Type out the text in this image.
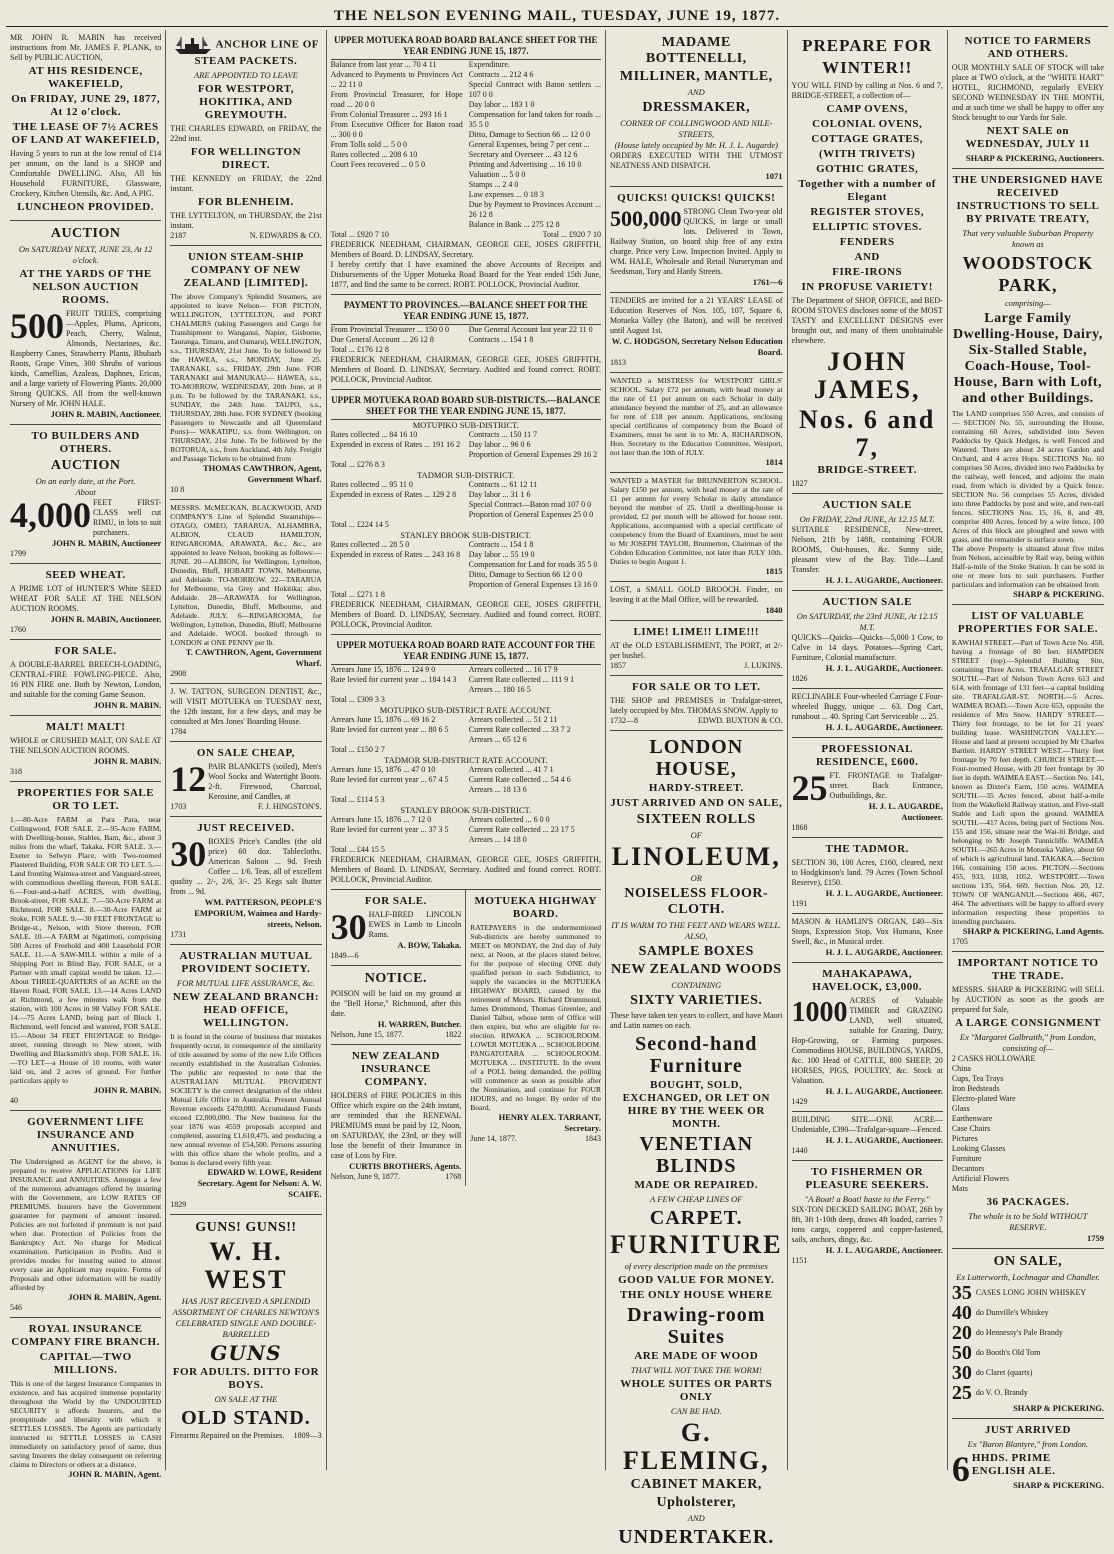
THE NELSON EVENING MAIL, TUESDAY, JUNE 19, 1877.
MR JOHN R. MABIN has received instructions from Mr. JAMES F. PLANK, to Sell by PUBLIC AUCTION,
AT HIS RESIDENCE, WAKEFIELD,
On FRIDAY, JUNE 29, 1877, At 12 o'clock.
THE LEASE OF 7½ ACRES OF LAND AT WAKEFIELD,
Having 5 years to run at the low rental of £14 per annum, on the land is a SHOP and Comfortable DWELLING. Also, All his Household FURNITURE, Glassware, Crockery, Kitchen Utensils, &c. And, A PIG.
LUNCHEON PROVIDED.
AUCTION
On SATURDAY NEXT, JUNE 23, At 12 o'clock.
AT THE YARDS OF THE NELSON AUCTION ROOMS.
500 FRUIT TREES, comprising—Apples, Plums, Apricots, Peach, Cherry, Walnut, Almonds, Nectarines, &c. Raspberry Canes, Strawberry Plants, Rhubarb Roots, Grape Vines, 300 Shrubs of various kinds, Camellias, Azaleas, Daphnes, Ericas, and a large variety of Flowering Plants. 20,000 Strong QUICKS. All from the well-known Nursery of Mr. JOHN HALE.
JOHN R. MABIN, Auctioneer.
TO BUILDERS AND OTHERS.
AUCTION
On an early date, at the Port.
About
4,000 FEET FIRST-CLASS well cut RIMU, in lots to suit purchasers.
JOHN R. MABIN, Auctioneer
1799
SEED WHEAT.
A PRIME LOT of HUNTER'S White SEED WHEAT FOR SALE AT THE NELSON AUCTION ROOMS.
JOHN R. MABIN, Auctioneer.
1760
FOR SALE.
A DOUBLE-BARREL BREECH-LOADING, CENTRAL-FIRE FOWLING-PIECE. Also, 16 PIN FIRE one. Both by Newton, London, and suitable for the coming Game Season.
JOHN R. MABIN.
MALT! MALT!
WHOLE or CRUSHED MALT, ON SALE AT THE NELSON AUCTION ROOMS.
JOHN R. MABIN.
318
PROPERTIES FOR SALE OR TO LET.
1.—80-Acre FARM at Para Para, near Collingwood, FOR SALE. 2.—95-Acre FARM, with Dwelling-house, Stables, Barn, &c., about 3 miles from the wharf, Takaka, FOR SALE. 3.—Exeter to Selwyn Place, with Two-roomed Plastered Building, FOR SALE OR TO LET. 5.—Land fronting Waimea-street and Vanguard-street, with commodious dwelling thereon, FOR SALE. 6.—Four-and-a-half ACRES, with dwelling, Brook-street, FOR SALE. 7.—50-Acre FARM at Richmond, FOR SALE. 8.—30-Acre FARM at Stoke, FOR SALE. 9.—30 FEET FRONTAGE to Bridge-st., Nelson, with Store thereon, FOR SALE. 10.—A FARM at Ngatimoti, comprising 500 Acres of Freehold and 400 Leasehold FOR SALE. 11.—A SAW-MILL within a mile of a Shipping Port in Blind Bay, FOR SALE, or a Partner with small capital would be taken. 12.—About THREE-QUARTERS of an ACRE on the Haven Road, FOR SALE. 13.—14 Acres LAND at Richmond, a few minutes walk from the station, with 100 Acres in 98 Valley FOR SALE. 14.—75 Acres LAND, being part of Block 1, Richmond, well fenced and watered, FOR SALE. 15.—About 34 FEET FRONTAGE to Bridge-street, running through to New street, with Dwelling and Blacksmith's shop, FOR SALE. 16.—TO LET—a House of 10 rooms, with water laid on, and 2 acres of ground. For further particulars apply to
JOHN R. MABIN.
40
GOVERNMENT LIFE INSURANCE AND ANNUITIES.
The Undersigned as AGENT for the above, is prepared to receive APPLICATIONS for LIFE INSURANCE and ANNUITIES. Amongst a few of the numerous advantages offered by insuring with the Government, are LOW RATES OF PREMIUMS. Insurers have the Government guarantee for payment of amount insured. Policies are not forfeited if premium is not paid when due. Protection of Policies from the Bankruptcy Act. No charge for Medical examination. Participation in Profits. And it provides modes for insuring suited to almost every case an Applicant may require. Forms of Proposals and other information will be readily afforded by
JOHN R. MABIN, Agent.
546
ROYAL INSURANCE COMPANY FIRE BRANCH.
CAPITAL—TWO MILLIONS.
This is one of the largest Insurance Companies in existence, and has acquired immense popularity throughout the World by the UNDOUBTED SECURITY it affords Insurers, and the promptitude and liberality with which it SETTLES LOSSES. The Agents are particularly instructed to SETTLE LOSSES in CASH immediately on satisfactory proof of same, thus saving Insurers the delay consequent on referring claims to Directors or others at a distance.
JOHN R. MABIN, Agent.
ANCHOR LINE OF STEAM PACKETS.
ARE APPOINTED TO LEAVE
FOR WESTPORT, HOKITIKA, AND GREYMOUTH.
THE CHARLES EDWARD, on FRIDAY, the 22nd inst.
FOR WELLINGTON DIRECT.
THE KENNEDY on FRIDAY, the 22nd instant.
FOR BLENHEIM.
THE LYTTELTON, on THURSDAY, the 21st instant.
2187	N. EDWARDS & CO.
UNION STEAM-SHIP COMPANY OF NEW ZEALAND [LIMITED].
The above Company's Splendid Steamers, are appointed to leave Nelson— FOR PICTON, WELLINGTON, LYTTELTON, and PORT CHALMERS (taking Passengers and Cargo for Transhipment to Wanganui, Napier, Gisborne, Tauranga, Timaru, and Oamaru), WELLINGTON, s.s., THURSDAY, 21st June. To be followed by the HAWEA, s.s., MONDAY, June 25. TARANAKI, s.s., FRIDAY, 29th June. FOR TARANAKI and MANUKAU— HAWEA, s.s., TO-MORROW, WEDNESDAY, 20th June, at 8 p.m. To be followed by the TARANAKI, s.s., SUNDAY, the 24th June. TAUPO, s.s., THURSDAY, 28th June. FOR SYDNEY (booking Passengers to Newcastle and all Queensland Ports)— WAKATIPU, s.s. from Wellington, on THURSDAY, 21st June. To be followed by the ROTORUA, s.s., from Auckland, 4th July. Freight and Passage Tickets to be obtained from
THOMAS CAWTHRON, Agent, Government Wharf.
10 8
MESSRS. McMECKAN, BLACKWOOD, AND COMPANY'S Line of Splendid Steamships—OTAGO, OMEO, TARARUA, ALHAMBRA, ALBION, CLAUD HAMILTON, RINGAROOMA, ARAWATA, &c., &c., are appointed to leave Nelson, booking as follows:— JUNE. 20—ALBION, for Wellington, Lyttelton, Dunedin, Bluff, HOBART TOWN, Melbourne, and Adelaide. TO-MORROW. 22—TARARUA for Melbourne, via Grey and Hokitika; also, Adelaide. 28—ARAWATA for Wellington, Lyttelton, Dunedin, Bluff, Melbourne, and Adelaide. JULY. 6—RINGAROOMA, for Wellington, Lyttelton, Dunedin, Bluff, Melbourne and Adelaide. WOOL booked through to LONDON at ONE PENNY per lb.
T. CAWTHRON, Agent, Government Wharf.
2908
J. W. TATTON, SURGEON DENTIST, &c., will VISIT MOTUEKA on TUESDAY next, the 12th instant, for a few days, and may be consulted at Mrs Jones' Boarding House.
1784
ON SALE CHEAP,
12 PAIR BLANKETS (soiled), Men's Wool Socks and Watertight Boots. 2-ft. Firewood, Charcoal, Kerosine, and Candles, at
1703	F. J. HINGSTON'S.
JUST RECEIVED.
30 BOXES Price's Candles (the old price) 60 doz. Tablecloths. American Saloon ... 9d. Fresh Coffee ... 1/6. Teas, all of excellent quality ... 2/-, 2/6, 3/-. 25 Kegs salt Butter from ... 9d.
WM. PATTERSON, PEOPLE'S EMPORIUM, Waimea and Hardy-streets, Nelson.
1731
AUSTRALIAN MUTUAL PROVIDENT SOCIETY.
FOR MUTUAL LIFE ASSURANCE, &c.
NEW ZEALAND BRANCH: HEAD OFFICE, WELLINGTON.
It is found in the course of business that mistakes frequently occur, in consequence of the similarity of title assumed by some of the new Life Offices recently established in the Australian Colonies. The public are requested to note that the AUSTRALIAN MUTUAL PROVIDENT SOCIETY is the correct designation of the oldest Mutual Life Office in Australia. Present Annual Revenue exceeds £470,000. Accumulated Funds exceed £2,000,000. The New business for the year 1876 was 4559 proposals accepted and completed, assuring £1,610,475, and producing a new annual revenue of £54,500. Persons assuring with this office share the whole profits, and a bonus is declared every fifth year.
EDWARD W. LOWE, Resident Secretary. Agent for Nelson: A. W. SCAIFE.
1829
GUNS! GUNS!!
W. H. WEST
HAS JUST RECEIVED A SPLENDID ASSORTMENT OF CHARLES NEWTON'S CELEBRATED SINGLE AND DOUBLE-BARRELLED
GUNS
FOR ADULTS. DITTO FOR BOYS.
ON SALE AT THE
OLD STAND.
Firearms Repaired on the Premises. 1809—3
UPPER MOTUEKA ROAD BOARD BALANCE SHEET FOR THE YEAR ENDING JUNE 15, 1877.
Balance from last year ... 70 4 11
Advanced to Payments to Provinces Act ... 22 11 0
From Provincial Treasurer, for Hope road ... 20 0 0
From Colonial Treasurer ... 293 16 1
From Executive Officer for Baton road ... 300 0 0
From Tolls sold ... 5 0 0
Rates collected ... 208 6 10
Court Fees recovered ... 0 5 0
Expenditure.
Contracts ... 212 4 6
Special Contract with Baton settlers ... 107 0 0
Day labor ... 183 1 0
Compensation for land taken for roads ... 35 5 0
Ditto, Damage to Section 66 ... 12 0 0
General Expenses, being 7 per cent ...
Secretary and Overseer ... 43 12 6
Printing and Advertising ... 16 10 0
Valuation ... 5 0 0
Stamps ... 2 4 0
Law expenses ... 0 18 3
Due by Payment to Provinces Account ... 26 12 8
Balance in Bank ... 275 12 8
Total ... £920 7 10	Total ... £920 7 10
FREDERICK NEEDHAM, CHAIRMAN, GEORGE GEE, JOSES GRIFFITH, Members of Board. D. LINDSAY, Secretary.
I hereby certify that I have examined the above Accounts of Receipts and Disbursements of the Upper Motueka Road Board for the Year ended 15th June, 1877, and find the same to be correct. ROBT. POLLOCK, Provincial Auditor.
PAYMENT TO PROVINCES.—BALANCE SHEET FOR THE YEAR ENDING JUNE 15, 1877.
From Provincial Treasurer ... 150 0 0
Due General Account ... 26 12 8
Due General Account last year 22 11 0
Contracts ... 154 1 8
Total ... £176 12 8
FREDERICK NEEDHAM, CHAIRMAN, GEORGE GEE, JOSES GRIFFITH, Members of Board. D. LINDSAY, Secretary. Audited and found correct. ROBT. POLLOCK, Provincial Auditor.
UPPER MOTUEKA ROAD BOARD SUB-DISTRICTS.—BALANCE SHEET FOR THE YEAR ENDING JUNE 15, 1877.
MOTUPIKO SUB-DISTRICT.
Rates collected ... 84 16 10
Expended in excess of Rates ... 191 16 2
Contracts ... 150 11 7
Day labor ... 96 0 6
Proportion of General Expenses 29 16 2
Total ... £276 8 3
TADMOR SUB-DISTRICT.
Rates collected ... 95 11 0
Expended in excess of Rates ... 129 2 8
Contracts ... 61 12 11
Day labor ... 31 1 6
Special Contract—Baton road 107 0 0
Proportion of General Expenses 25 0 0
Total ... £224 14 5
STANLEY BROOK SUB-DISTRICT.
Rates collected ... 28 5 0
Expended in excess of Rates ... 243 16 8
Contracts ... 154 1 8
Day labor ... 55 19 0
Compensation for Land for roads 35 5 0
Ditto, Damage to Section 66 12 0 0
Proportion of General Expenses 13 16 0
Total ... £271 1 8
FREDERICK NEEDHAM, CHAIRMAN, GEORGE GEE, JOSES GRIFFITH, Members of Board. D. LINDSAY, Secretary. Audited and found correct. ROBT. POLLOCK, Provincial Auditor.
UPPER MOTUEKA ROAD BOARD RATE ACCOUNT FOR THE YEAR ENDING JUNE 15, 1877.
Arrears June 15, 1876 ... 124 9 0
Rate levied for current year ... 184 14 3
Arrears collected ... 16 17 9
Current Rate collected ... 111 9 1
Arrears ... 180 16 5
Total ... £309 3 3
MOTUPIKO SUB-DISTRICT RATE ACCOUNT.
Arrears June 15, 1876 ... 69 16 2
Rate levied for current year ... 80 6 5
Arrears collected ... 51 2 11
Current Rate collected ... 33 7 2
Arrears ... 65 12 6
Total ... £150 2 7
TADMOR SUB-DISTRICT RATE ACCOUNT.
Arrears June 15, 1876 ... 47 0 10
Rate levied for current year ... 67 4 5
Arrears collected ... 41 7 1
Current Rate collected ... 54 4 6
Arrears ... 18 13 6
Total ... £114 5 3
STANLEY BROOK SUB-DISTRICT.
Arrears June 15, 1876 ... 7 12 0
Rate levied for current year ... 37 3 5
Arrears collected ... 6 0 0
Current Rate collected ... 23 17 5
Arrears ... 14 18 0
Total ... £44 15 5
FREDERICK NEEDHAM, CHAIRMAN, GEORGE GEE, JOSES GRIFFITH, Members of Board. D. LINDSAY, Secretary. Audited and found correct. ROBT. POLLOCK, Provincial Auditor.
FOR SALE.
30 HALF-BRED LINCOLN EWES in Lamb to Lincoln Rams.
A. BOW, Takaka.
1849—6
NOTICE.
POISON will be laid on my ground at the "Bell Horse," Richmond, after this date.
H. WARREN, Butcher.
Nelson, June 15, 1877.	1822
NEW ZEALAND INSURANCE COMPANY.
HOLDERS of FIRE POLICIES in this Office which expire on the 24th instant, are reminded that the RENEWAL PREMIUMS must be paid by 12, Noon, on SATURDAY, the 23rd, or they will lose the benefit of their Insurance in case of Loss by Fire.
CURTIS BROTHERS, Agents.
Nelson, June 9, 1877.	1768
MOTUEKA HIGHWAY BOARD.
RATEPAYERS in the undermentioned Sub-districts are hereby summoned to MEET on MONDAY, the 2nd day of July next, at Noon, at the places stated below, for the purpose of electing ONE duly qualified person in each Subdistrict, to supply the vacancies in the MOTUEKA HIGHWAY BOARD, caused by the retirement of Messrs. Richard Drummond, James Drummond, Thomas Greenlee, and Daniel Talbot, whose term of Office will then expire, but who are eligible for re-election. RIWAKA ... SCHOOLROOM. LOWER MOTUEKA ... SCHOOLROOM. PANGATOTARA ... SCHOOLROOM. MOTUEKA ... INSTITUTE. In the event of a POLL being demanded, the polling will commence as soon as possible after the Nomination, and continue for FOUR HOURS, and no longer. By order of the Board,
HENRY ALEX. TARRANT, Secretary.
June 14, 1877.	1843
MADAME BOTTENELLI,
MILLINER, MANTLE,
AND
DRESSMAKER,
CORNER OF COLLINGWOOD AND NILE-STREETS,
(House lately occupied by Mr. H. J. L. Augarde)
ORDERS EXECUTED WITH THE UTMOST NEATNESS AND DISPATCH.
1071
QUICKS! QUICKS! QUICKS!
500,000 STRONG Clean Two-year old QUICKS, in large or small lots. Delivered in Town, Railway Station, on board ship free of any extra charge. Price very Low. Inspection Invited. Apply to WM. HALE, Wholesale and Retail Nurseryman and Seedsman, Tory and Hardy Streets.
1761—6
TENDERS are invited for a 21 YEARS' LEASE of Education Reserves of Nos. 105, 107, Square 6, Motueka Valley (the Baton), and will be received until August 1st.
W. C. HODGSON, Secretary Nelson Education Board.
1813
WANTED a MISTRESS for WESTPORT GIRLS' SCHOOL. Salary £72 per annum, with head money at the rate of £1 per annum on each Scholar in daily attendance beyond the number of 25, and an allowance for rent of £18 per annum. Applications, enclosing special certificates of competency from the Board of Examiners, must be sent in to Mr. A. RICHARDSON, Hon. Secretary to the Education Committee, Westport, not later than the 10th of JULY.
1814
WANTED a MASTER for BRUNNERTON SCHOOL. Salary £150 per annum, with head money at the rate of £1 per annum for every Scholar in daily attendance beyond the number of 25. Until a dwelling-house is provided, £2 per month will be allowed for house rent. Applications, accompanied with a special certificate of competency from the Board of Examiners, must be sent to Mr JOSEPH TAYLOR, Brunnerton, Chairman of the Cobden Education Committee, not later than JULY 10th. Duties to begin August 1.
1815
LOST, a SMALL GOLD BROOCH. Finder, on leaving it at the Mail Office, will be rewarded.
1840
LIME! LIME!! LIME!!!
AT the OLD ESTABLISHMENT, The PORT, at 2/- per bushel.
1857	J. LUKINS.
FOR SALE OR TO LET.
THE SHOP and PREMISES in Trafalgar-street, lately occupied by Mrs. THOMAS SNOW. Apply to
1732—8	EDWD. BUXTON & CO.
LONDON HOUSE,
HARDY-STREET.
JUST ARRIVED AND ON SALE,
SIXTEEN ROLLS
OF
LINOLEUM,
OR
NOISELESS FLOOR-CLOTH.
IT IS WARM TO THE FEET AND WEARS WELL.
ALSO,
SAMPLE BOXES
NEW ZEALAND WOODS
CONTAINING
SIXTY VARIETIES.
These have taken ten years to collect, and have Maori and Latin names on each.
Second-hand Furniture
BOUGHT, SOLD, EXCHANGED, OR LET ON HIRE BY THE WEEK OR MONTH.
VENETIAN BLINDS
MADE OR REPAIRED.
A FEW CHEAP LINES OF
CARPET.
FURNITURE
of every description made on the premises
GOOD VALUE FOR MONEY.
THE ONLY HOUSE WHERE
Drawing-room Suites
ARE MADE OF WOOD
THAT WILL NOT TAKE THE WORM!
WHOLE SUITES OR PARTS ONLY
CAN BE HAD.
G. FLEMING,
CABINET MAKER,
Upholsterer,
AND
UNDERTAKER.
PREPARE FOR WINTER!!
YOU WILL FIND by calling at Nos. 6 and 7, BRIDGE-STREET, a collection of—
CAMP OVENS,
COLONIAL OVENS,
COTTAGE GRATES,
(WITH TRIVETS)
GOTHIC GRATES,
Together with a number of Elegant
REGISTER STOVES,
ELLIPTIC STOVES.
FENDERS
AND
FIRE-IRONS
IN PROFUSE VARIETY!
The Department of SHOP, OFFICE, and BED-ROOM STOVES discloses some of the MOST TASTY and EXCELLENT DESIGNS ever brought out, and many of them unobtainable elsewhere.
JOHN JAMES,
Nos. 6 and 7,
BRIDGE-STREET.
1827
AUCTION SALE
On FRIDAY, 22nd JUNE, At 12.15 M.T.
SUITABLE RESIDENCE, New-street, Nelson, 21ft by 148ft, containing FOUR ROOMS, Out-houses, &c. Sunny side, pleasant view of the Bay. Title—Land Transfer.
H. J. L. AUGARDE, Auctioneer.
AUCTION SALE
On SATURDAY, the 23rd JUNE, At 12.15 M.T.
QUICKS—Quicks—Quicks—5,000 1 Cow, to Calve in 14 days. Potatoes—Spring Cart, Furniture, Colonial manufacture.
H. J. L. AUGARDE, Auctioneer.
1826
RECLINABLE Four-wheeled Carriage £ Four-wheeled Buggy, unique ... 63. Dog Cart, runabout ... 40. Spring Cart Serviceable ... 25.
H. J. L. AUGARDE, Auctioneer.
PROFESSIONAL RESIDENCE, £600.
25 FT. FRONTAGE to Trafalgar-street. Back Entrance, Outbuildings, &c.
H. J. L. AUGARDE, Auctioneer.
1868
THE TADMOR.
SECTION 30, 100 Acres, £160, cleared, next to Hodgkinson's land. 79 Acres (Town School Reserve), £150.
H. J. L. AUGARDE, Auctioneer.
1191
MASON & HAMLIN'S ORGAN, £40—Six Stops, Expression Stop, Vox Humana, Knee Swell, &c., in Musical order.
H. J. L. AUGARDE, Auctioneer.
MAHAKAPAWA, HAVELOCK, £3,000.
1000 ACRES of Valuable TIMBER and GRAZING LAND, well situated, suitable for Grazing, Dairy, Hop-Growing, or Farming purposes. Commodious HOUSE, BUILDINGS, YARDS, &c. 100 Head of CATTLE, 800 SHEEP, 20 HORSES, PIGS, POULTRY, &c. Stock at Valuation.
H. J. L. AUGARDE, Auctioneer.
1429
BUILDING SITE—ONE ACRE—Undeniable, £390—Trafalgar-square—Fenced.
H. J. L. AUGARDE, Auctioneer.
1440
TO FISHERMEN OR PLEASURE SEEKERS.
"A Boat! a Boat! haste to the Ferry."
SIX-TON DECKED SAILING BOAT, 26ft by 8ft, 3ft 1-10th deep, draws 4ft loaded, carries 7 tons cargo, coppered and copper-fastened, sails, anchors, dingy, &c.
H. J. L. AUGARDE, Auctioneer.
1151
NOTICE TO FARMERS AND OTHERS.
OUR MONTHLY SALE OF STOCK will take place at TWO o'clock, at the "WHITE HART" HOTEL, RICHMOND, regularly EVERY SECOND WEDNESDAY IN THE MONTH, and at such time we shall be happy to offer any Stock brought to our Yards for Sale.
NEXT SALE on WEDNESDAY, JULY 11
SHARP & PICKERING, Auctioneers.
THE UNDERSIGNED HAVE RECEIVED INSTRUCTIONS TO SELL BY PRIVATE TREATY,
That very valuable Suburban Property known as
WOODSTOCK PARK,
comprising—
Large Family Dwelling-House, Dairy, Six-Stalled Stable, Coach-House, Tool-House, Barn with Loft, and other Buildings.
The LAND comprises 550 Acres, and consists of— SECTION No. 55, surrounding the House, containing 60 Acres, subdivided into Seven Paddocks by Quick Hedges, is well Fenced and Watered. There are about 24 acres Garden and Orchard, and 4 acres Hops. SECTIONS No. 60 comprises 50 Acres, divided into two Paddocks by the railway, well fenced, and adjoins the main road, from which is divided by a Quick fence. SECTION No. 56 comprises 55 Acres, divided into three Paddocks by post and wire, and two-rail fences. SECTIONS Nos. 15, 16, 8, and 49, comprise 400 Acres, fenced by a wire fence, 100 Acres of this block are ploughed and sown with grass, and the remainder is surface sown.
The above Property is situated about five miles from Nelson, accessible by Rail way, being within Half-a-mile of the Stoke Station. It can be sold in one or more lots to suit purchasers. Further particulars and information can be obtained from
SHARP & PICKERING.
LIST OF VALUABLE PROPERTIES FOR SALE.
KAWHAI STREET.—Part of Town Acre No. 458, having a frontage of 80 feet. HAMPDEN STREET (top).—Splendid Building Site, containing Three Acres. TRAFALGAR STREET SOUTH.—Part of Nelson Town Acres 613 and 614, with frontage of 131 feet—a capital building site. TRAFALGAR-ST. NORTH.—5 Acres. WAIMEA ROAD.—Town Acre 653, opposite the residence of Mrs Snow. HARDY STREET.—Thirty feet frontage, to be let for 21 years' building lease. WASHINGTON VALLEY.—House and land at present occupied by Mr Charles Bartlett. HARDY STREET WEST.—Thirty feet frontage by 70 feet depth. CHURCH STREET.—Four-roomed House, with 20 feet frontage by 30 feet in depth. WAIMEA EAST.—Section No. 141, known as Dixter's Farm, 150 acres. WAIMEA SOUTH.—35 Acres fenced, about half-a-mile from the Wakefield Railway station, and Five-stall Stable and Loft upon the ground. WAIMEA SOUTH.—417 Acres, being part of Sections Nos. 155 and 156, situate near the Wai-iti Bridge, and belonging to Mr Joseph Tunnicliffe. WAIMEA SOUTH.—265 Acres in Motueka Valley, about 60 of which is agricultural land. TAKAKA.—Section 166, containing 150 acres. PICTON.—Sections 455, 933, 1038, 1052. WESTPORT.—Town sections 135, 564, 669. Section Nos. 20, 12. TOWN OF WANGANUI.—Sections 466, 467, 464. The advertisers will be happy to afford every information respecting these properties to intending purchasers.
SHARP & PICKERING, Land Agents.
1705
IMPORTANT NOTICE TO THE TRADE.
MESSRS. SHARP & PICKERING will SELL by AUCTION as soon as the goods are prepared for Sale,
A LARGE CONSIGNMENT
Ex "Margaret Galbraith," from London, consisting of—
2 CASKS HOLLOWARE
China
Cups, Tea Trays
Iron Bedsteads
Electro-plated Ware
Glass
Earthenware
Case Chairs
Pictures
Looking Glasses
Furniture
Decantors
Artificial Flowers
Mats
36 PACKAGES.
The whole is to be Sold WITHOUT RESERVE.
1759
ON SALE,
Ex Lutterworth, Lochnagar and Chandler.
35 CASES LONG JOHN WHISKEY
40 do Dunville's Whiskey
20 do Hennessy's Pale Brandy
50 do Booth's Old Tom
30 do Claret (quarts)
25 do V. O. Brandy
SHARP & PICKERING.
JUST ARRIVED
Ex "Baron Blantyre," from London.
6 HHDS. PRIME ENGLISH ALE.
SHARP & PICKERING.
